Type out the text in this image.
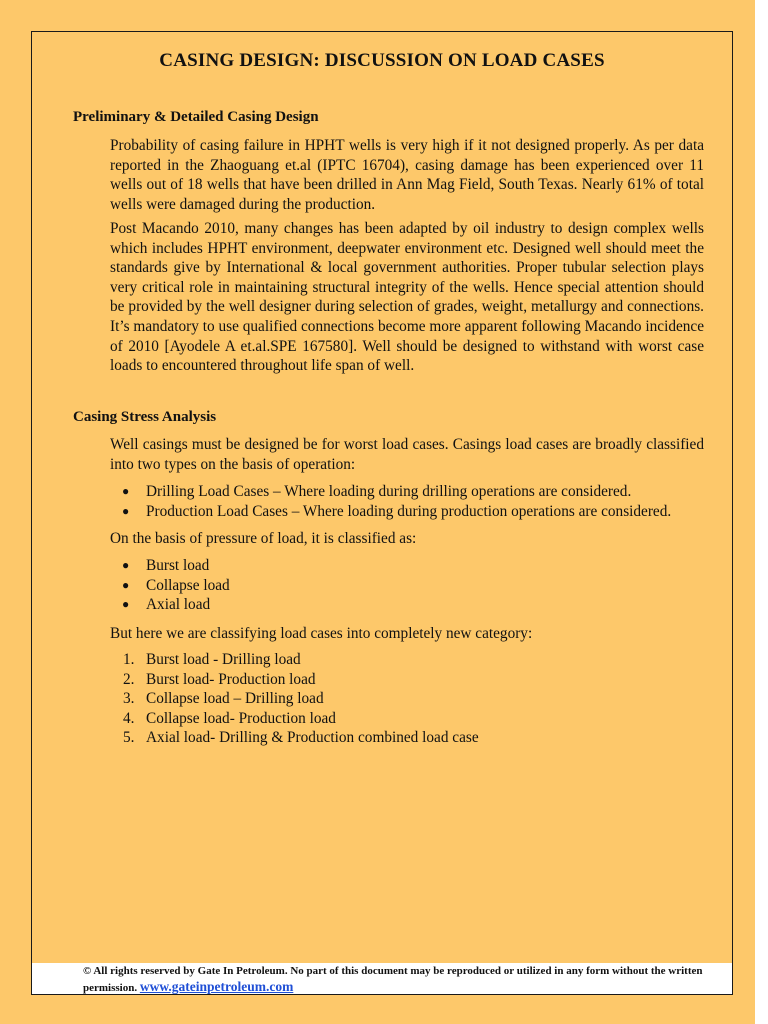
CASING DESIGN: DISCUSSION ON LOAD CASES
Preliminary & Detailed Casing Design

Probability of casing failure in HPHT wells is very high if it not designed properly. As per data reported in the Zhaoguang et.al (IPTC 16704), casing damage has been experienced over 11 wells out of 18 wells that have been drilled in Ann Mag Field, South Texas. Nearly 61% of total wells were damaged during the production.

Post Macando 2010, many changes has been adapted by oil industry to design complex wells which includes HPHT environment, deepwater environment etc. Designed well should meet the standards give by International & local government authorities. Proper tubular selection plays very critical role in maintaining structural integrity of the wells. Hence special attention should be provided by the well designer during selection of grades, weight, metallurgy and connections. It’s mandatory to use qualified connections become more apparent following Macando incidence of 2010 [Ayodele A et.al.SPE 167580]. Well should be designed to withstand with worst case loads to encountered throughout life span of well.

Casing Stress Analysis

Well casings must be designed be for worst load cases. Casings load cases are broadly classified into two types on the basis of operation:

● Drilling Load Cases – Where loading during drilling operations are considered.
● Production Load Cases – Where loading during production operations are considered.

On the basis of pressure of load, it is classified as:

● Burst load
● Collapse load
● Axial load

But here we are classifying load cases into completely new category:

1. Burst load - Drilling load
2. Burst load- Production load
3. Collapse load – Drilling load
4. Collapse load- Production load
5. Axial load- Drilling & Production combined load case

© All rights reserved by Gate In Petroleum. No part of this document may be reproduced or utilized in any form without the written permission. www.gateinpetroleum.com
